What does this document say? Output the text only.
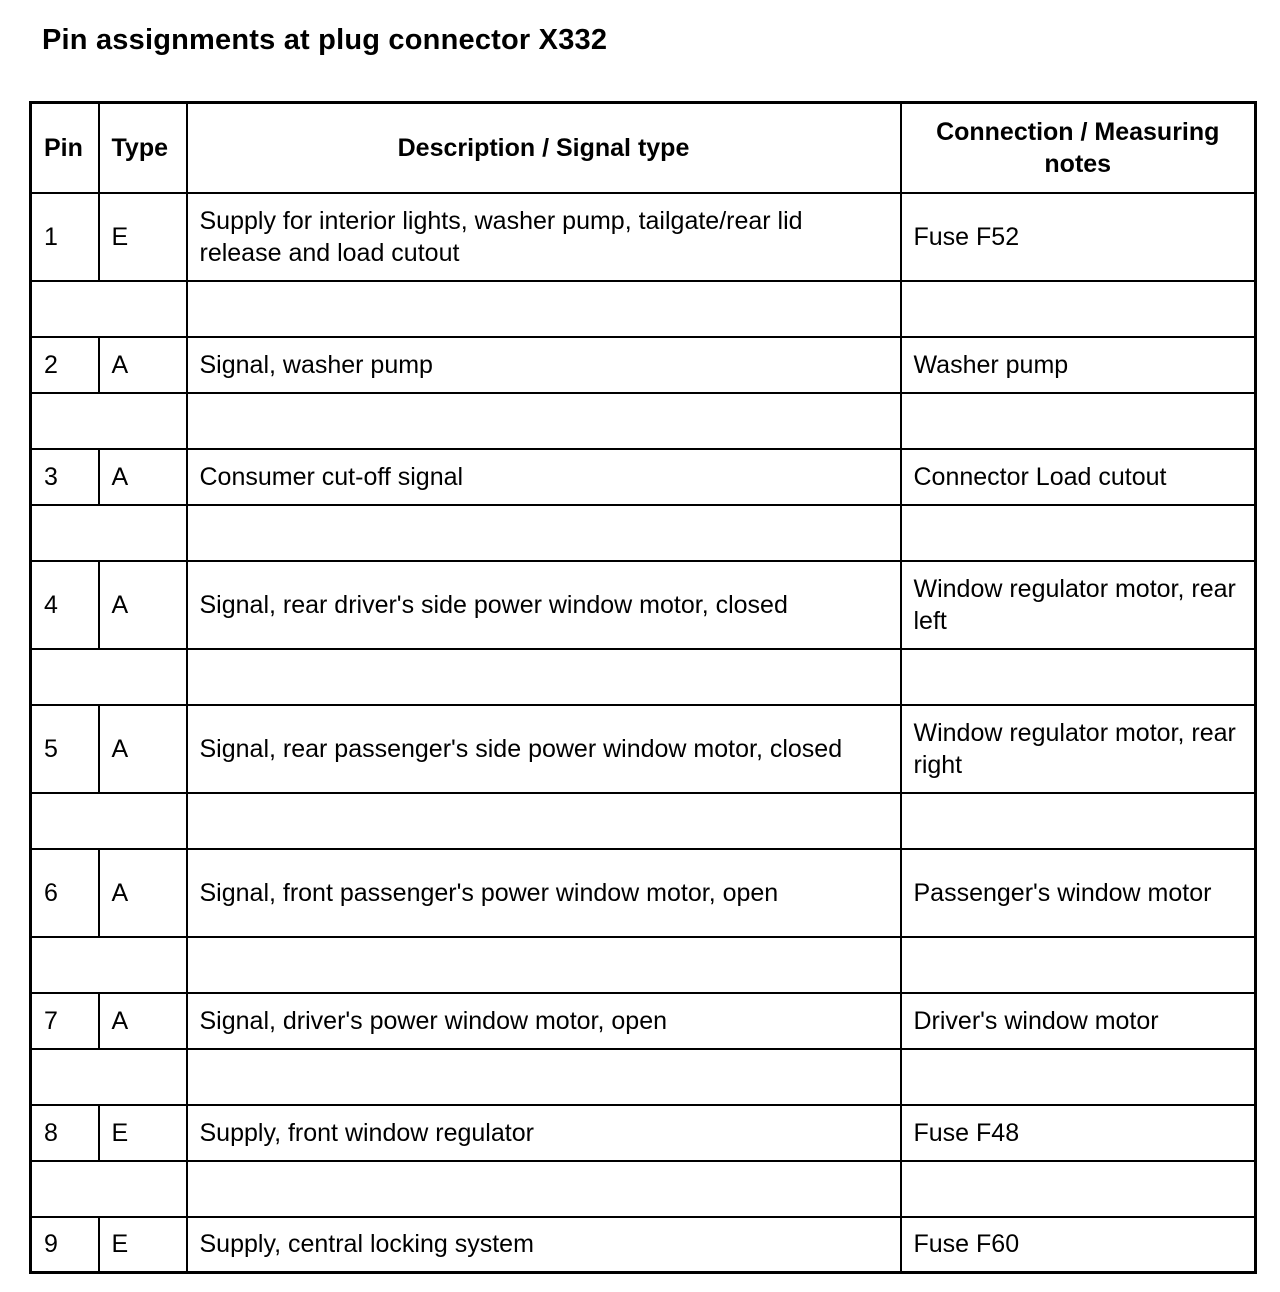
Pin assignments at plug connector X332
Pin	Type	Description / Signal type	Connection / Measuring notes
1	E	Supply for interior lights, washer pump, tailgate/rear lid release and load cutout	Fuse F52

2	A	Signal, washer pump	Washer pump

3	A	Consumer cut-off signal	Connector Load cutout

4	A	Signal, rear driver's side power window motor, closed	Window regulator motor, rear left

5	A	Signal, rear passenger's side power window motor, closed	Window regulator motor, rear right

6	A	Signal, front passenger's power window motor, open	Passenger's window motor

7	A	Signal, driver's power window motor, open	Driver's window motor

8	E	Supply, front window regulator	Fuse F48

9	E	Supply, central locking system	Fuse F60
